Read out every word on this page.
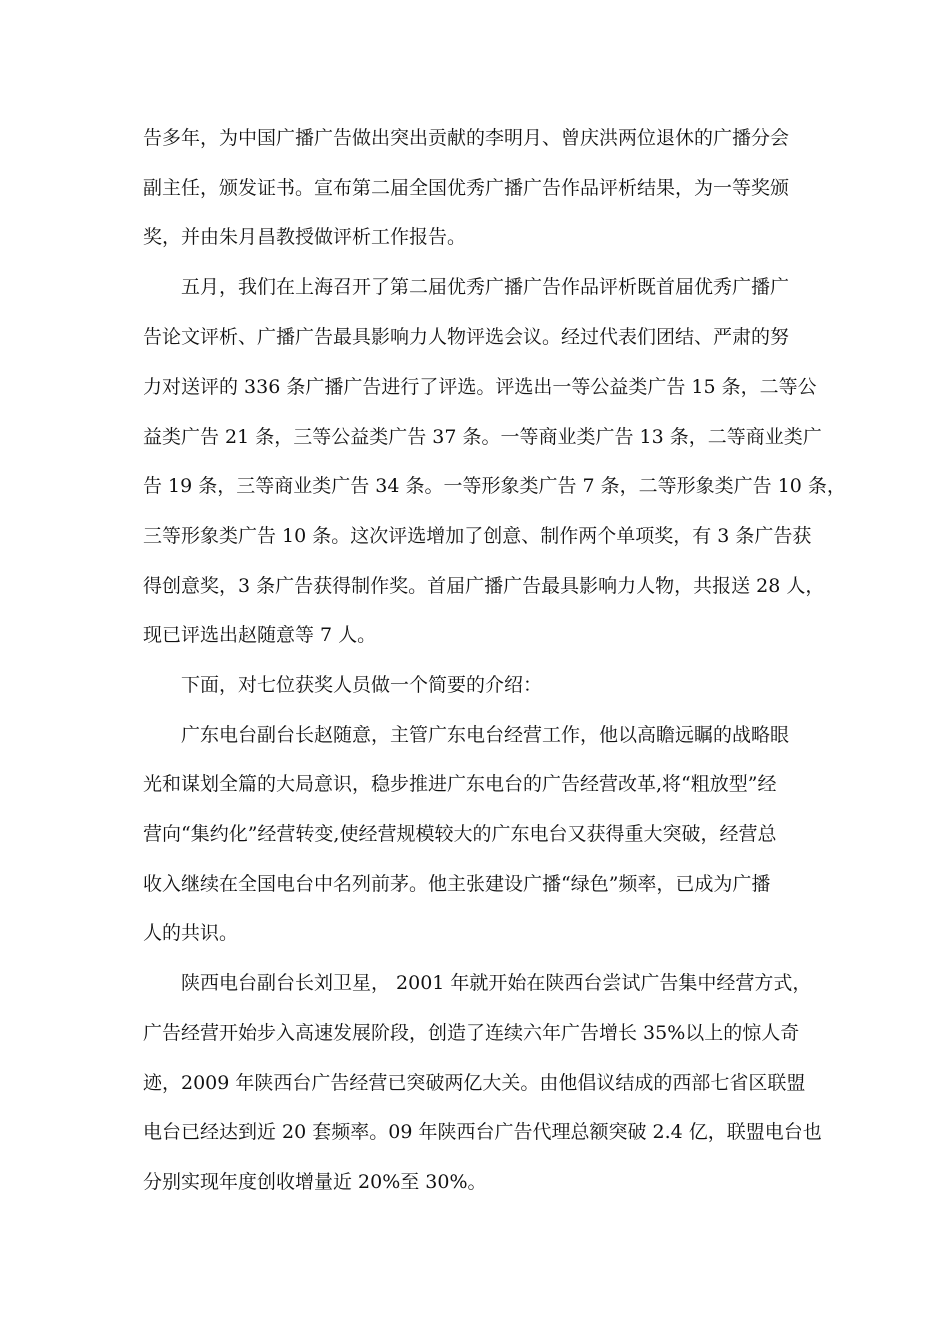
告多年，为中国广播广告做出突出贡献的李明月、曾庆洪两位退休的广播分会
副主任，颁发证书。宣布第二届全国优秀广播广告作品评析结果，为一等奖颁
奖，并由朱月昌教授做评析工作报告。
五月，我们在上海召开了第二届优秀广播广告作品评析既首届优秀广播广
告论文评析、广播广告最具影响力人物评选会议。经过代表们团结、严肃的努
力对送评的 336 条广播广告进行了评选。评选出一等公益类广告 15 条，二等公
益类广告 21 条，三等公益类广告 37 条。一等商业类广告 13 条，二等商业类广
告 19 条，三等商业类广告 34 条。一等形象类广告 7 条，二等形象类广告 10 条，
三等形象类广告 10 条。这次评选增加了创意、制作两个单项奖，有 3 条广告获
得创意奖，3 条广告获得制作奖。首届广播广告最具影响力人物，共报送 28 人，
现已评选出赵随意等 7 人。
下面，对七位获奖人员做一个简要的介绍：
广东电台副台长赵随意，主管广东电台经营工作，他以高瞻远瞩的战略眼
光和谋划全篇的大局意识，稳步推进广东电台的广告经营改革,将“粗放型”经
营向“集约化”经营转变,使经营规模较大的广东电台又获得重大突破，经营总
收入继续在全国电台中名列前茅。他主张建设广播“绿色”频率，已成为广播
人的共识。
陕西电台副台长刘卫星， 2001 年就开始在陕西台尝试广告集中经营方式，
广告经营开始步入高速发展阶段，创造了连续六年广告增长 35%以上的惊人奇
迹，2009 年陕西台广告经营已突破两亿大关。由他倡议结成的西部七省区联盟
电台已经达到近 20 套频率。09 年陕西台广告代理总额突破 2.4 亿，联盟电台也
分别实现年度创收增量近 20%至 30%。
